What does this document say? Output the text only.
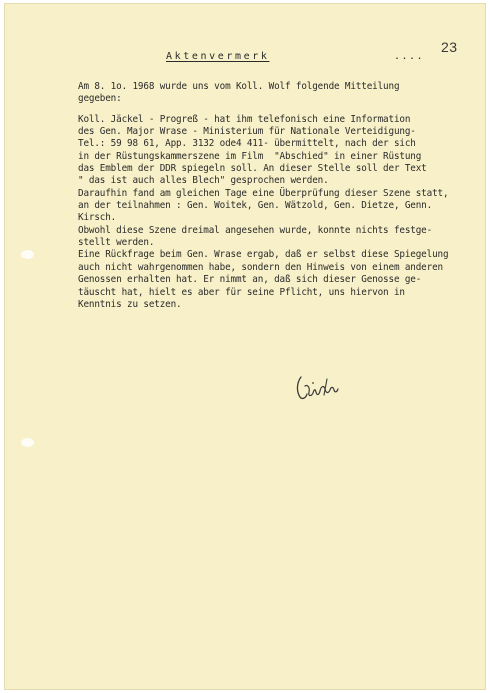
23
Aktenvermerk	....
Am 8. 1o. 1968 wurde uns vom Koll. Wolf folgende Mitteilung
gegeben:
Koll. Jäckel - Progreß - hat ihm telefonisch eine Information
des Gen. Major Wrase - Ministerium für Nationale Verteidigung-
Tel.: 59 98 61, App. 3132 ode4 411- übermittelt, nach der sich
in der Rüstungskammerszene im Film  "Abschied" in einer Rüstung
das Emblem der DDR spiegeln soll. An dieser Stelle soll der Text
" das ist auch alles Blech" gesprochen werden.
Daraufhin fand am gleichen Tage eine Überprüfung dieser Szene statt,
an der teilnahmen : Gen. Woitek, Gen. Wätzold, Gen. Dietze, Genn.
Kirsch.
Obwohl diese Szene dreimal angesehen wurde, konnte nichts festge-
stellt werden.
Eine Rückfrage beim Gen. Wrase ergab, daß er selbst diese Spiegelung
auch nicht wahrgenommen habe, sondern den Hinweis von einem anderen
Genossen erhalten hat. Er nimmt an, daß sich dieser Genosse ge-
täuscht hat, hielt es aber für seine Pflicht, uns hiervon in
Kenntnis zu setzen.
